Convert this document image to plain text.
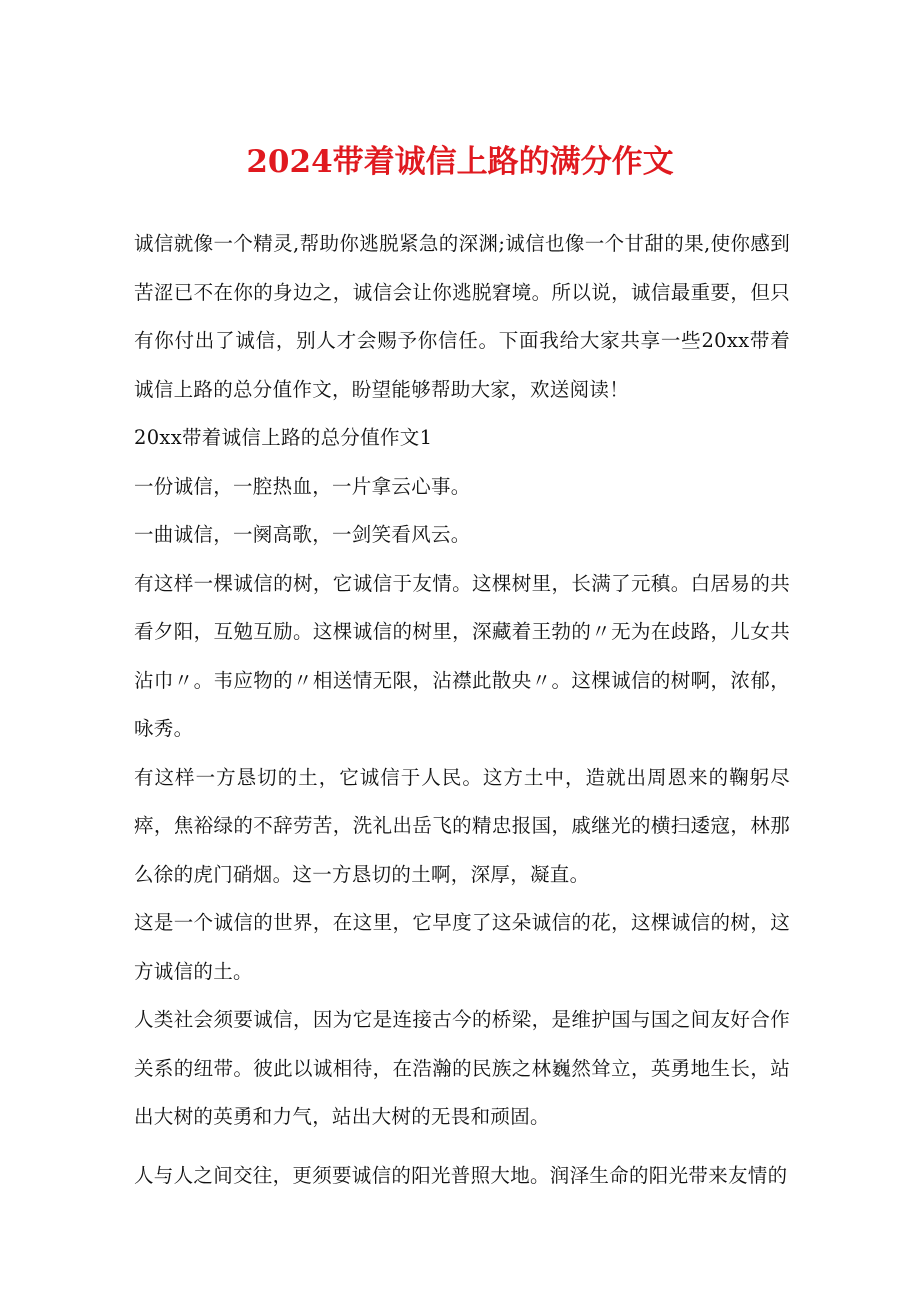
2024带着诚信上路的满分作文

诚信就像一个精灵,帮助你逃脱紧急的深渊;诚信也像一个甘甜的果,使你感到苦涩已不在你的身边之，诚信会让你逃脱窘境。所以说，诚信最重要，但只有你付出了诚信，别人才会赐予你信任。下面我给大家共享一些20xx带着诚信上路的总分值作文，盼望能够帮助大家，欢送阅读！

20xx带着诚信上路的总分值作文1

一份诚信，一腔热血，一片拿云心事。

一曲诚信，一阕高歌，一剑笑看风云。

有这样一棵诚信的树，它诚信于友情。这棵树里，长满了元稹。白居易的共看夕阳，互勉互励。这棵诚信的树里，深藏着王勃的〃无为在歧路，儿女共沾巾〃。韦应物的〃相送情无限，沾襟此散央〃。这棵诚信的树啊，浓郁，咏秀。

有这样一方恳切的土，它诚信于人民。这方土中，造就出周恩来的鞠躬尽瘁，焦裕绿的不辞劳苦，洗礼出岳飞的精忠报国，戚继光的横扫逶寇，林那么徐的虎门硝烟。这一方恳切的土啊，深厚，凝直。

这是一个诚信的世界，在这里，它早度了这朵诚信的花，这棵诚信的树，这方诚信的土。

人类社会须要诚信，因为它是连接古今的桥梁，是维护国与国之间友好合作关系的纽带。彼此以诚相待，在浩瀚的民族之林巍然耸立，英勇地生长，站出大树的英勇和力气，站出大树的无畏和顽固。

人与人之间交往，更须要诚信的阳光普照大地。润泽生命的阳光带来友情的
